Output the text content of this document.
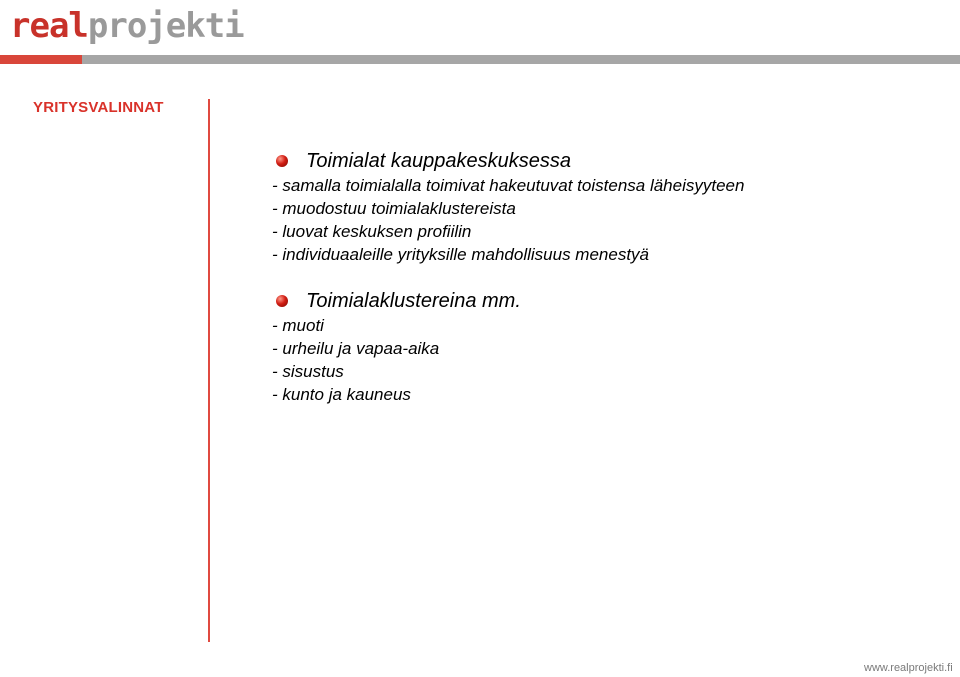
realprojekti
YRITYSVALINNAT
Toimialat kauppakeskuksessa

- samalla toimialalla toimivat hakeutuvat toistensa läheisyyteen

- muodostuu toimialaklustereista

- luovat keskuksen profiilin

- individuaaleille yrityksille mahdollisuus menestyä

Toimialaklustereina mm.

- muoti

- urheilu ja vapaa-aika

- sisustus

- kunto ja kauneus

www.realprojekti.fi
